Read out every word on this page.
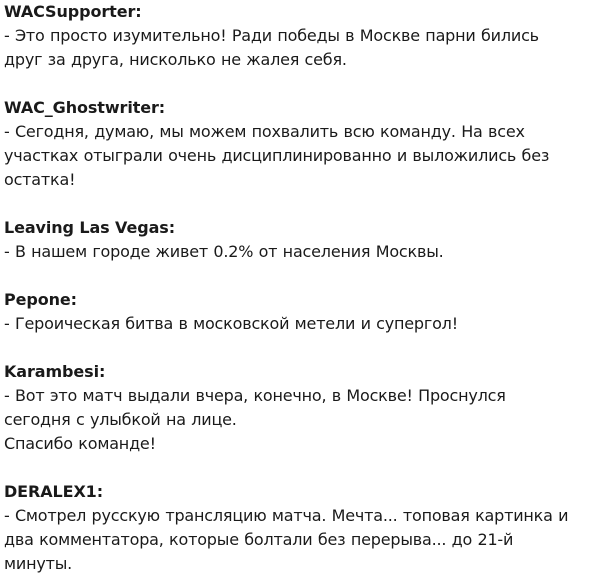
WACSupporter:
- Это просто изумительно! Ради победы в Москве парни бились
друг за друга, нисколько не жалея себя.
WAC_Ghostwriter:
- Сегодня, думаю, мы можем похвалить всю команду. На всех
участках отыграли очень дисциплинированно и выложились без
остатка!
Leaving Las Vegas:
- В нашем городе живет 0.2% от населения Москвы.
Pepone:
- Героическая битва в московской метели и супергол!
Karambesi:
- Вот это матч выдали вчера, конечно, в Москве! Проснулся
сегодня с улыбкой на лице.
Спасибо команде!
DERALEX1:
- Смотрел русскую трансляцию матча. Мечта... топовая картинка и
два комментатора, которые болтали без перерыва... до 21-й
минуты.
